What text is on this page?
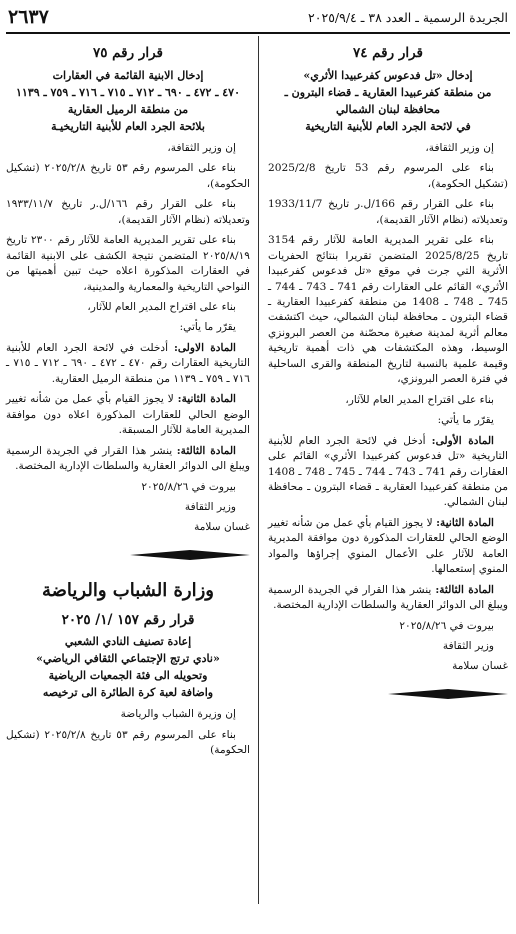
الجريدة الرسمية ـ العدد ٣٨ ـ ٢٠٢٥/٩/٤
٢٦٣٧
قرار رقم ٧٤
إدخال «تل فدعوس كفرعبيدا الأثري»
من منطقة كفرعبيدا العقارية ـ قضاء البترون ـ
محافظة لبنان الشمالي
في لائحة الجرد العام للأبنية التاريخية

إن وزير الثقافة،

بناء على المرسوم رقم 53 تاريخ 2025/2/8 (تشكيل الحكومة)،

بناء على القرار رقم 166/ل.ر تاريخ 1933/11/7 وتعديلاته (نظام الآثار القديمة)،

بناء على تقرير المديرية العامة للآثار رقم 3154 تاريخ 2025/8/25 المتضمن تقريرا بنتائج الحفريات الأثرية التي جرت في موقع «تل فدعوس كفرعبيدا الأثري» القائم على العقارات رقم 741 ـ 743 ـ 744 ـ 745 ـ 748 ـ 1408 من منطقة كفرعبيدا العقارية ـ قضاء البترون ـ محافظة لبنان الشمالي، حيث اكتشفت معالم أثرية لمدينة صغيرة محصّنة من العصر البرونزي الوسيط، وهذه المكتشفات هي ذات أهمية تاريخية وقيمة علمية بالنسبة لتاريخ المنطقة والقرى الساحلية في فترة العصر البرونزي،

بناء على اقتراح المدير العام للآثار،

يقرّر ما يأتي:

المادة الأولى: أدخل في لائحة الجرد العام للأبنية التاريخية «تل فدعوس كفرعبيدا الأثري» القائم على العقارات رقم 741 ـ 743 ـ 744 ـ 745 ـ 748 ـ 1408 من منطقة كفرعبيدا العقارية ـ قضاء البترون ـ محافظة لبنان الشمالي.

المادة الثانية: لا يجوز القيام بأي عمل من شأنه تغيير الوضع الحالي للعقارات المذكورة دون موافقة المديرية العامة للآثار على الأعمال المنوي إجراؤها والمواد المنوي إستعمالها.

المادة الثالثة: ينشر هذا القرار في الجريدة الرسمية ويبلغ الى الدوائر العقارية والسلطات الإدارية المختصة.

بيروت في ٢٠٢٥/٨/٢٦

وزير الثقافة

غسان سلامة

قرار رقم ٧٥
إدخال الابنية القائمة في العقارات
٤٧٠ ـ ٤٧٢ ـ ٦٩٠ ـ ٧١٢ ـ ٧١٥ ـ ٧١٦ ـ ٧٥٩ ـ ١١٣٩
من منطقة الرميل العقارية
بلائحة الجرد العام للأبنية التاريخيـة

إن وزير الثقافة،

بناء على المرسوم رقم ٥٣ تاريخ ٢٠٢٥/٢/٨ (تشكيل الحكومة)،

بناء على القرار رقم ١٦٦/ل.ر تاريخ ١٩٣٣/١١/٧ وتعديلاته (نظام الآثار القديمة)،

بناء على تقرير المديرية العامة للآثار رقم ٢٣٠٠ تاريخ ٢٠٢٥/٨/١٩ المتضمن نتيجة الكشف على الابنية القائمة في العقارات المذكورة اعلاه حيث تبين أهميتها من النواحي التاريخية والمعمارية والمدينية،

بناء على اقتراح المدير العام للآثار،

يقرّر ما يأتي:

المادة الاولى: أدخلت في لائحة الجرد العام للأبنية التاريخية العقارات رقم ٤٧٠ ـ ٤٧٢ ـ ٦٩٠ ـ ٧١٢ ـ ٧١٥ ـ ٧١٦ ـ ٧٥٩ ـ ١١٣٩ من منطقة الرميل العقارية.

المادة الثانية: لا يجوز القيام بأي عمل من شأنه تغيير الوضع الحالي للعقارات المذكورة اعلاه دون موافقة المديرية العامة للآثار المسبقة.

المادة الثالثة: ينشر هذا القرار في الجريدة الرسمية ويبلغ الى الدوائر العقارية والسلطات الإدارية المختصة.

بيروت في ٢٠٢٥/٨/٢٦

وزير الثقافة

غسان سلامة

وزارة الشباب والرياضة
قرار رقم ١٥٧ /١/ ٢٠٢٥
إعادة تصنيف النادي الشعبي
«نادي ترتج الإجتماعي الثقافي الرياضي»
وتحويله الى فئة الجمعيات الرياضية
واضافة لعبة كرة الطائرة الى ترخيصه

إن وزيرة الشباب والرياضة

بناء على المرسوم رقم ٥٣ تاريخ ٢٠٢٥/٢/٨ (تشكيل الحكومة)
